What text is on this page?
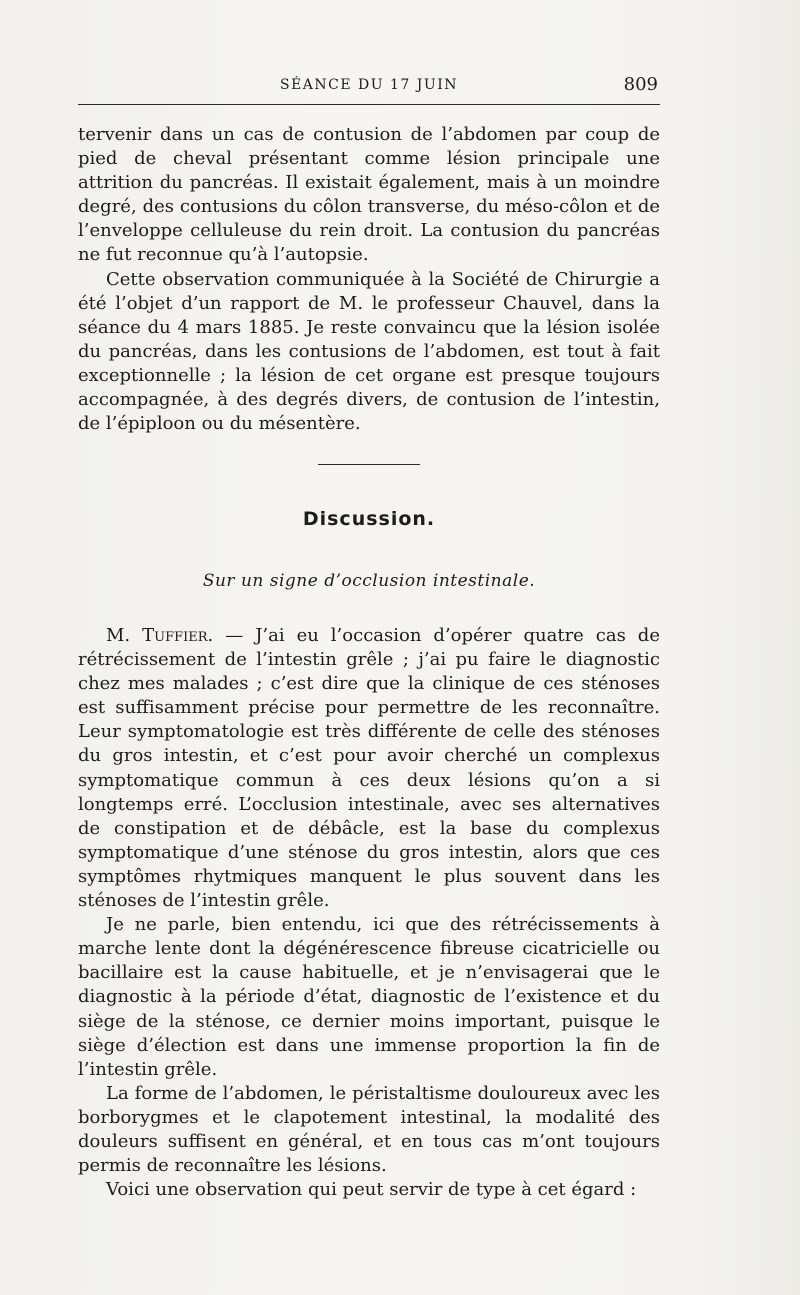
SÉANCE DU 17 JUIN	809

tervenir dans un cas de contusion de l’abdomen par coup de pied de cheval présentant comme lésion principale une attrition du pancréas. Il existait également, mais à un moindre degré, des contusions du côlon transverse, du méso-côlon et de l’enveloppe celluleuse du rein droit. La contusion du pancréas ne fut reconnue qu’à l’autopsie.

Cette observation communiquée à la Société de Chirurgie a été l’objet d’un rapport de M. le professeur Chauvel, dans la séance du 4 mars 1885. Je reste convaincu que la lésion isolée du pancréas, dans les contusions de l’abdomen, est tout à fait exceptionnelle ; la lésion de cet organe est presque toujours accompagnée, à des degrés divers, de contusion de l’intestin, de l’épiploon ou du mésentère.

Discussion.
Sur un signe d’occlusion intestinale.

M. Tuffier. — J’ai eu l’occasion d’opérer quatre cas de rétrécissement de l’intestin grêle ; j’ai pu faire le diagnostic chez mes malades ; c’est dire que la clinique de ces sténoses est suffisamment précise pour permettre de les reconnaître. Leur symptomatologie est très différente de celle des sténoses du gros intestin, et c’est pour avoir cherché un complexus symptomatique commun à ces deux lésions qu’on a si longtemps erré. L’occlusion intestinale, avec ses alternatives de constipation et de débâcle, est la base du complexus symptomatique d’une sténose du gros intestin, alors que ces symptômes rhytmiques manquent le plus souvent dans les sténoses de l’intestin grêle.

Je ne parle, bien entendu, ici que des rétrécissements à marche lente dont la dégénérescence fibreuse cicatricielle ou bacillaire est la cause habituelle, et je n’envisagerai que le diagnostic à la période d’état, diagnostic de l’existence et du siège de la sténose, ce dernier moins important, puisque le siège d’élection est dans une immense proportion la fin de l’intestin grêle.

La forme de l’abdomen, le péristaltisme douloureux avec les borborygmes et le clapotement intestinal, la modalité des douleurs suffisent en général, et en tous cas m’ont toujours permis de reconnaître les lésions.

Voici une observation qui peut servir de type à cet égard :
